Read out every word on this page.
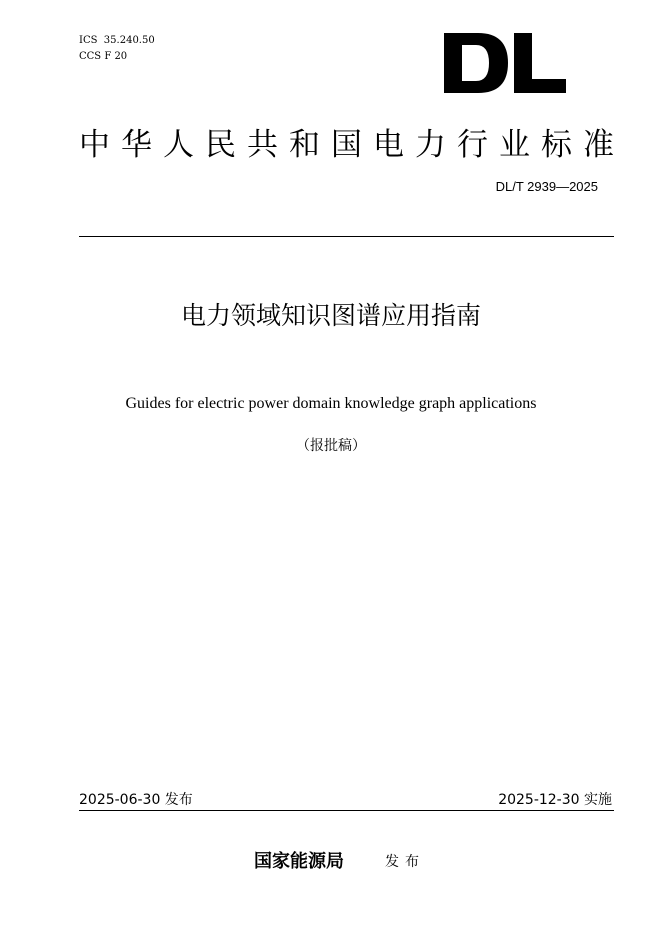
ICS  35.240.50
CCS F 20
中华人民共和国电力行业标准
DL/T 2939—2025
电力领域知识图谱应用指南
Guides for electric power domain knowledge graph applications
（报批稿）
2025-06-30 发布	2025-12-30 实施
国家能源局	发布
